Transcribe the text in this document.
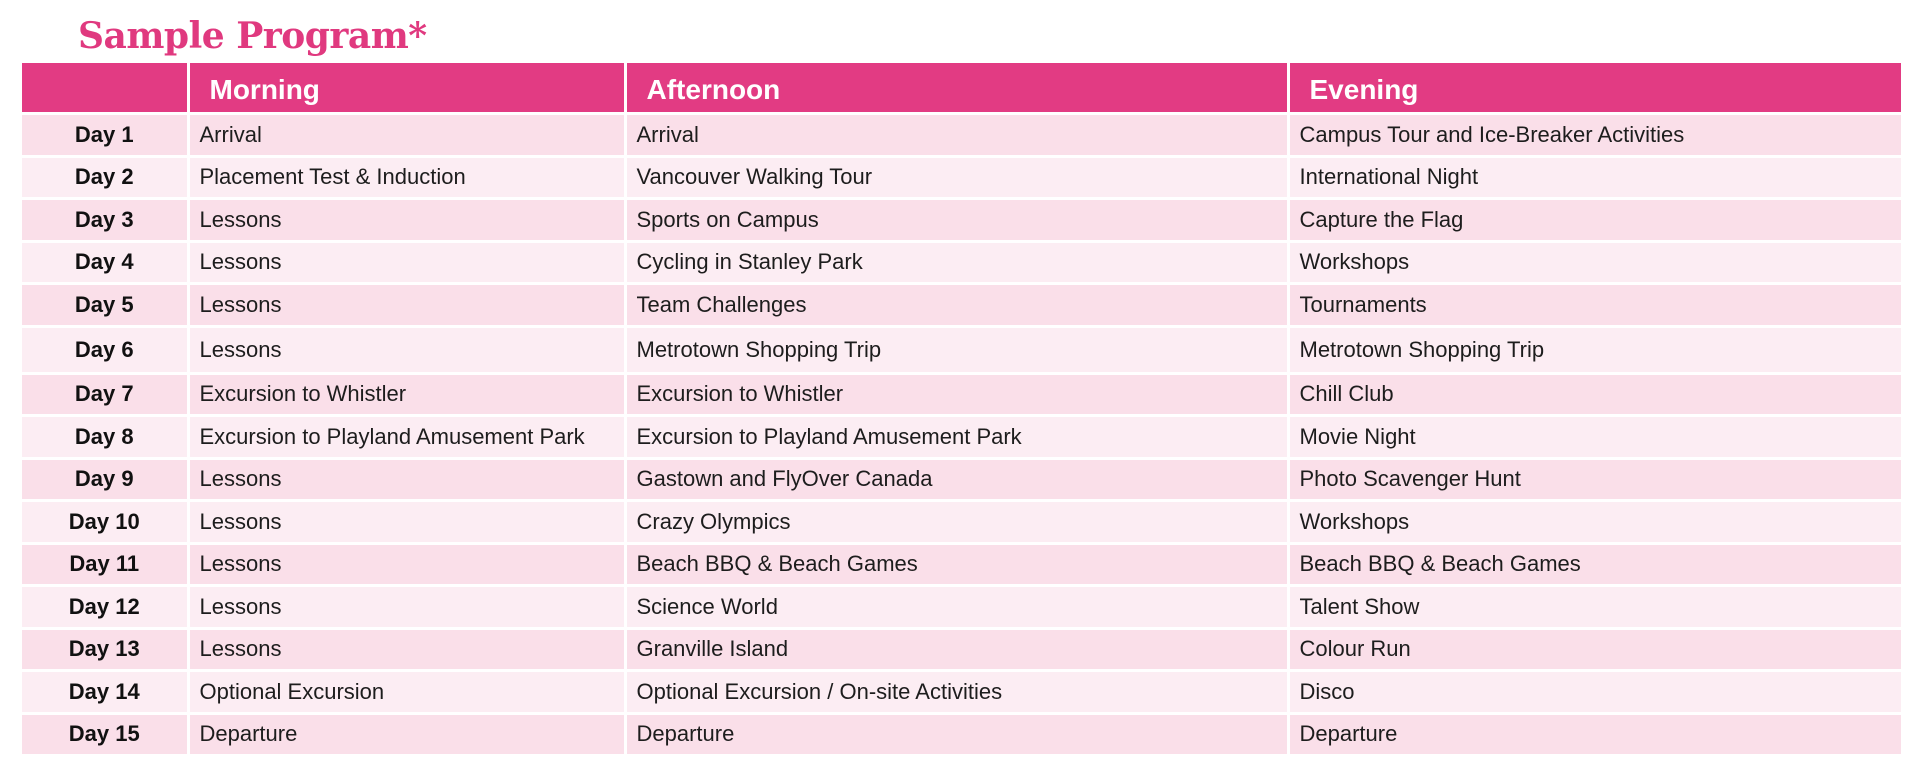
Sample Program*
	Morning	Afternoon	Evening
Day 1	Arrival	Arrival	Campus Tour and Ice-Breaker Activities
Day 2	Placement Test & Induction	Vancouver Walking Tour	International Night
Day 3	Lessons	Sports on Campus	Capture the Flag
Day 4	Lessons	Cycling in Stanley Park	Workshops
Day 5	Lessons	Team Challenges	Tournaments
Day 6	Lessons	Metrotown Shopping Trip	Metrotown Shopping Trip
Day 7	Excursion to Whistler	Excursion to Whistler	Chill Club
Day 8	Excursion to Playland Amusement Park	Excursion to Playland Amusement Park	Movie Night
Day 9	Lessons	Gastown and FlyOver Canada	Photo Scavenger Hunt
Day 10	Lessons	Crazy Olympics	Workshops
Day 11	Lessons	Beach BBQ & Beach Games	Beach BBQ & Beach Games
Day 12	Lessons	Science World	Talent Show
Day 13	Lessons	Granville Island	Colour Run
Day 14	Optional Excursion	Optional Excursion / On-site Activities	Disco
Day 15	Departure	Departure	Departure
